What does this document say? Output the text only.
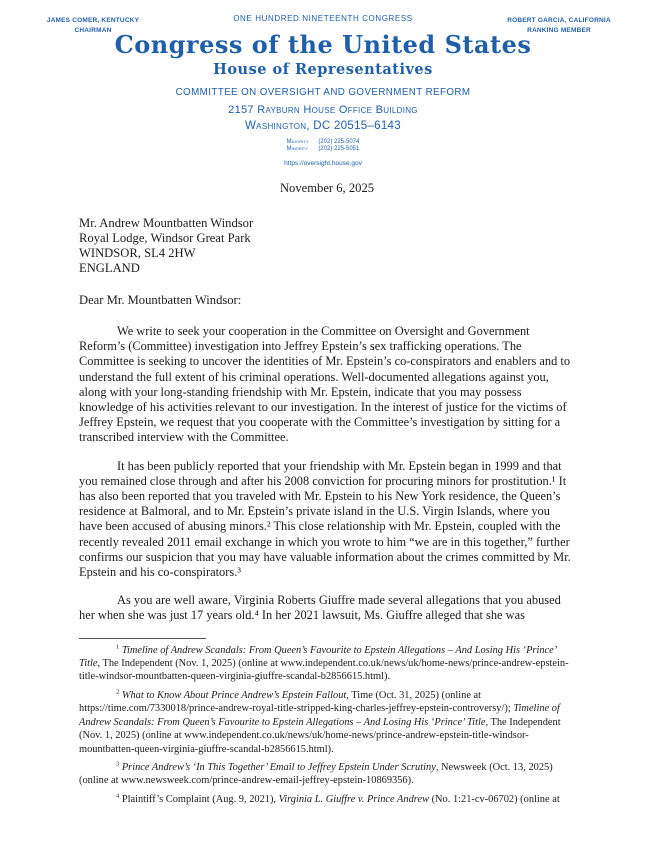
JAMES COMER, KENTUCKY
CHAIRMAN
ROBERT GARCIA, CALIFORNIA
RANKING MEMBER
ONE HUNDRED NINETEENTH CONGRESS
Congress of the United States
House of Representatives
COMMITTEE ON OVERSIGHT AND GOVERNMENT REFORM
2157 Rayburn House Office Building
Washington, DC 20515–6143
Majority (202) 225-5074
Minority (202) 225-5051
https://oversight.house.gov
November 6, 2025
Mr. Andrew Mountbatten Windsor
Royal Lodge, Windsor Great Park
WINDSOR, SL4 2HW
ENGLAND
Dear Mr. Mountbatten Windsor:
We write to seek your cooperation in the Committee on Oversight and Government Reform’s (Committee) investigation into Jeffrey Epstein’s sex trafficking operations. The Committee is seeking to uncover the identities of Mr. Epstein’s co-conspirators and enablers and to understand the full extent of his criminal operations. Well-documented allegations against you, along with your long-standing friendship with Mr. Epstein, indicate that you may possess knowledge of his activities relevant to our investigation. In the interest of justice for the victims of Jeffrey Epstein, we request that you cooperate with the Committee’s investigation by sitting for a transcribed interview with the Committee.
It has been publicly reported that your friendship with Mr. Epstein began in 1999 and that you remained close through and after his 2008 conviction for procuring minors for prostitution.¹ It has also been reported that you traveled with Mr. Epstein to his New York residence, the Queen’s residence at Balmoral, and to Mr. Epstein’s private island in the U.S. Virgin Islands, where you have been accused of abusing minors.² This close relationship with Mr. Epstein, coupled with the recently revealed 2011 email exchange in which you wrote to him “we are in this together,” further confirms our suspicion that you may have valuable information about the crimes committed by Mr. Epstein and his co-conspirators.³
As you are well aware, Virginia Roberts Giuffre made several allegations that you abused her when she was just 17 years old.⁴ In her 2021 lawsuit, Ms. Giuffre alleged that she was
$^1$ Timeline of Andrew Scandals: From Queen’s Favourite to Epstein Allegations – And Losing His ‘Prince’ Title, The Independent (Nov. 1, 2025) (online at www.independent.co.uk/news/uk/home-news/prince-andrew-epstein-title-windsor-mountbatten-queen-virginia-giuffre-scandal-b2856615.html).
$^2$ What to Know About Prince Andrew’s Epstein Fallout, Time (Oct. 31, 2025) (online at https://time.com/7330018/prince-andrew-royal-title-stripped-king-charles-jeffrey-epstein-controversy/); Timeline of Andrew Scandals: From Queen’s Favourite to Epstein Allegations – And Losing His ‘Prince’ Title, The Independent (Nov. 1, 2025) (online at www.independent.co.uk/news/uk/home-news/prince-andrew-epstein-title-windsor-mountbatten-queen-virginia-giuffre-scandal-b2856615.html).
$^3$ Prince Andrew’s ‘In This Together’ Email to Jeffrey Epstein Under Scrutiny, Newsweek (Oct. 13, 2025) (online at www.newsweek.com/prince-andrew-email-jeffrey-epstein-10869356).
$^4$ Plaintiff’s Complaint (Aug. 9, 2021), Virginia L. Giuffre v. Prince Andrew (No. 1:21-cv-06702) (online at
